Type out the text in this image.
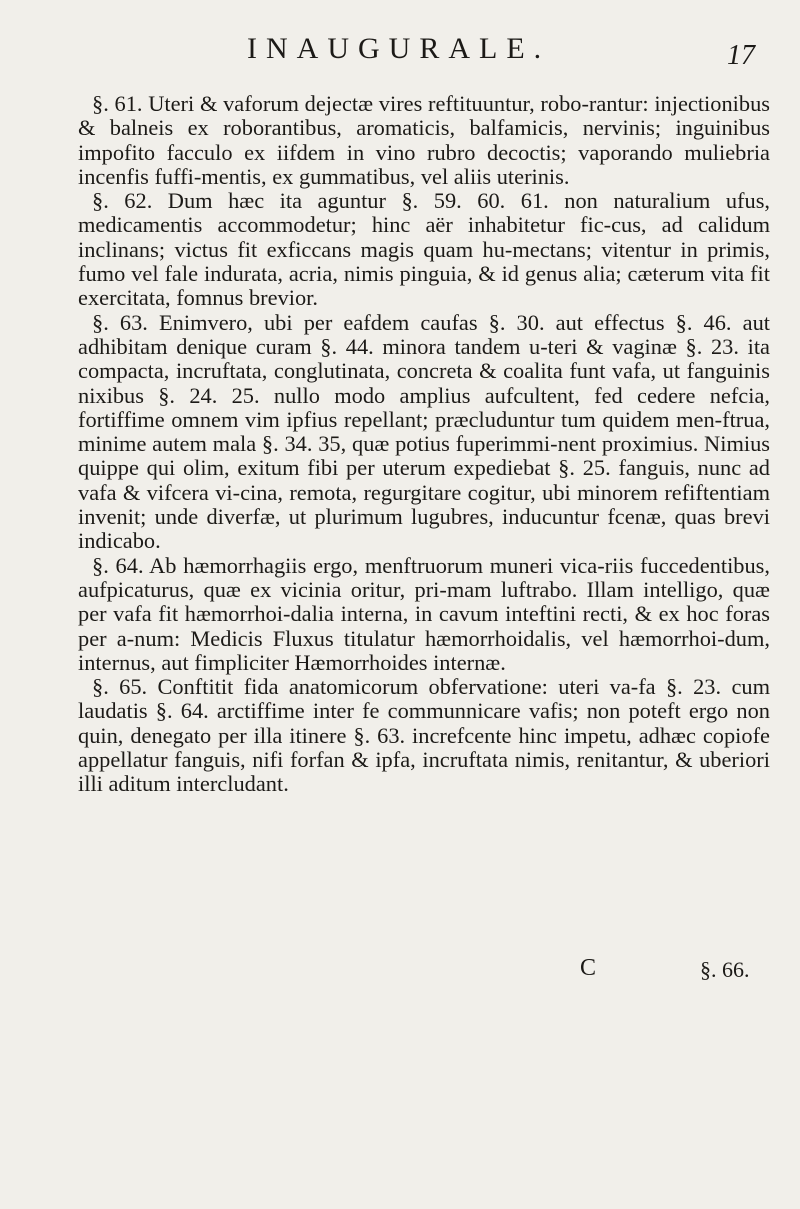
INAUGURALE.	17

§. 61. Uteri & vaforum dejectæ vires reftituuntur, robo-rantur: injectionibus & balneis ex roborantibus, aromaticis, balfamicis, nervinis; inguinibus impofito facculo ex iifdem in vino rubro decoctis; vaporando muliebria incenfis fuffi-mentis, ex gummatibus, vel aliis uterinis.

§. 62. Dum hæc ita aguntur §. 59. 60. 61. non naturalium ufus, medicamentis accommodetur; hinc aër inhabitetur fic-cus, ad calidum inclinans; victus fit exficcans magis quam hu-mectans; vitentur in primis, fumo vel fale indurata, acria, nimis pinguia, & id genus alia; cæterum vita fit exercitata, fomnus brevior.

§. 63. Enimvero, ubi per eafdem caufas §. 30. aut effectus §. 46. aut adhibitam denique curam §. 44. minora tandem u-teri & vaginæ §. 23. ita compacta, incruftata, conglutinata, concreta & coalita funt vafa, ut fanguinis nixibus §. 24. 25. nullo modo amplius aufcultent, fed cedere nefcia, fortiffime omnem vim ipfius repellant; præcluduntur tum quidem men-ftrua, minime autem mala §. 34. 35, quæ potius fuperimmi-nent proximius. Nimius quippe qui olim, exitum fibi per uterum expediebat §. 25. fanguis, nunc ad vafa & vifcera vi-cina, remota, regurgitare cogitur, ubi minorem refiftentiam invenit; unde diverfæ, ut plurimum lugubres, inducuntur fcenæ, quas brevi indicabo.

§. 64. Ab hæmorrhagiis ergo, menftruorum muneri vica-riis fuccedentibus, aufpicaturus, quæ ex vicinia oritur, pri-mam luftrabo. Illam intelligo, quæ per vafa fit hæmorrhoi-dalia interna, in cavum inteftini recti, & ex hoc foras per a-num: Medicis Fluxus titulatur hæmorrhoidalis, vel hæmorrhoi-dum, internus, aut fimpliciter Hæmorrhoides internæ.

§. 65. Conftitit fida anatomicorum obfervatione: uteri va-fa §. 23. cum laudatis §. 64. arctiffime inter fe communnicare vafis; non poteft ergo non quin, denegato per illa itinere §. 63. increfcente hinc impetu, adhæc copiofe appellatur fanguis, nifi forfan & ipfa, incruftata nimis, renitantur, & uberiori illi aditum intercludant.

C	§. 66.
